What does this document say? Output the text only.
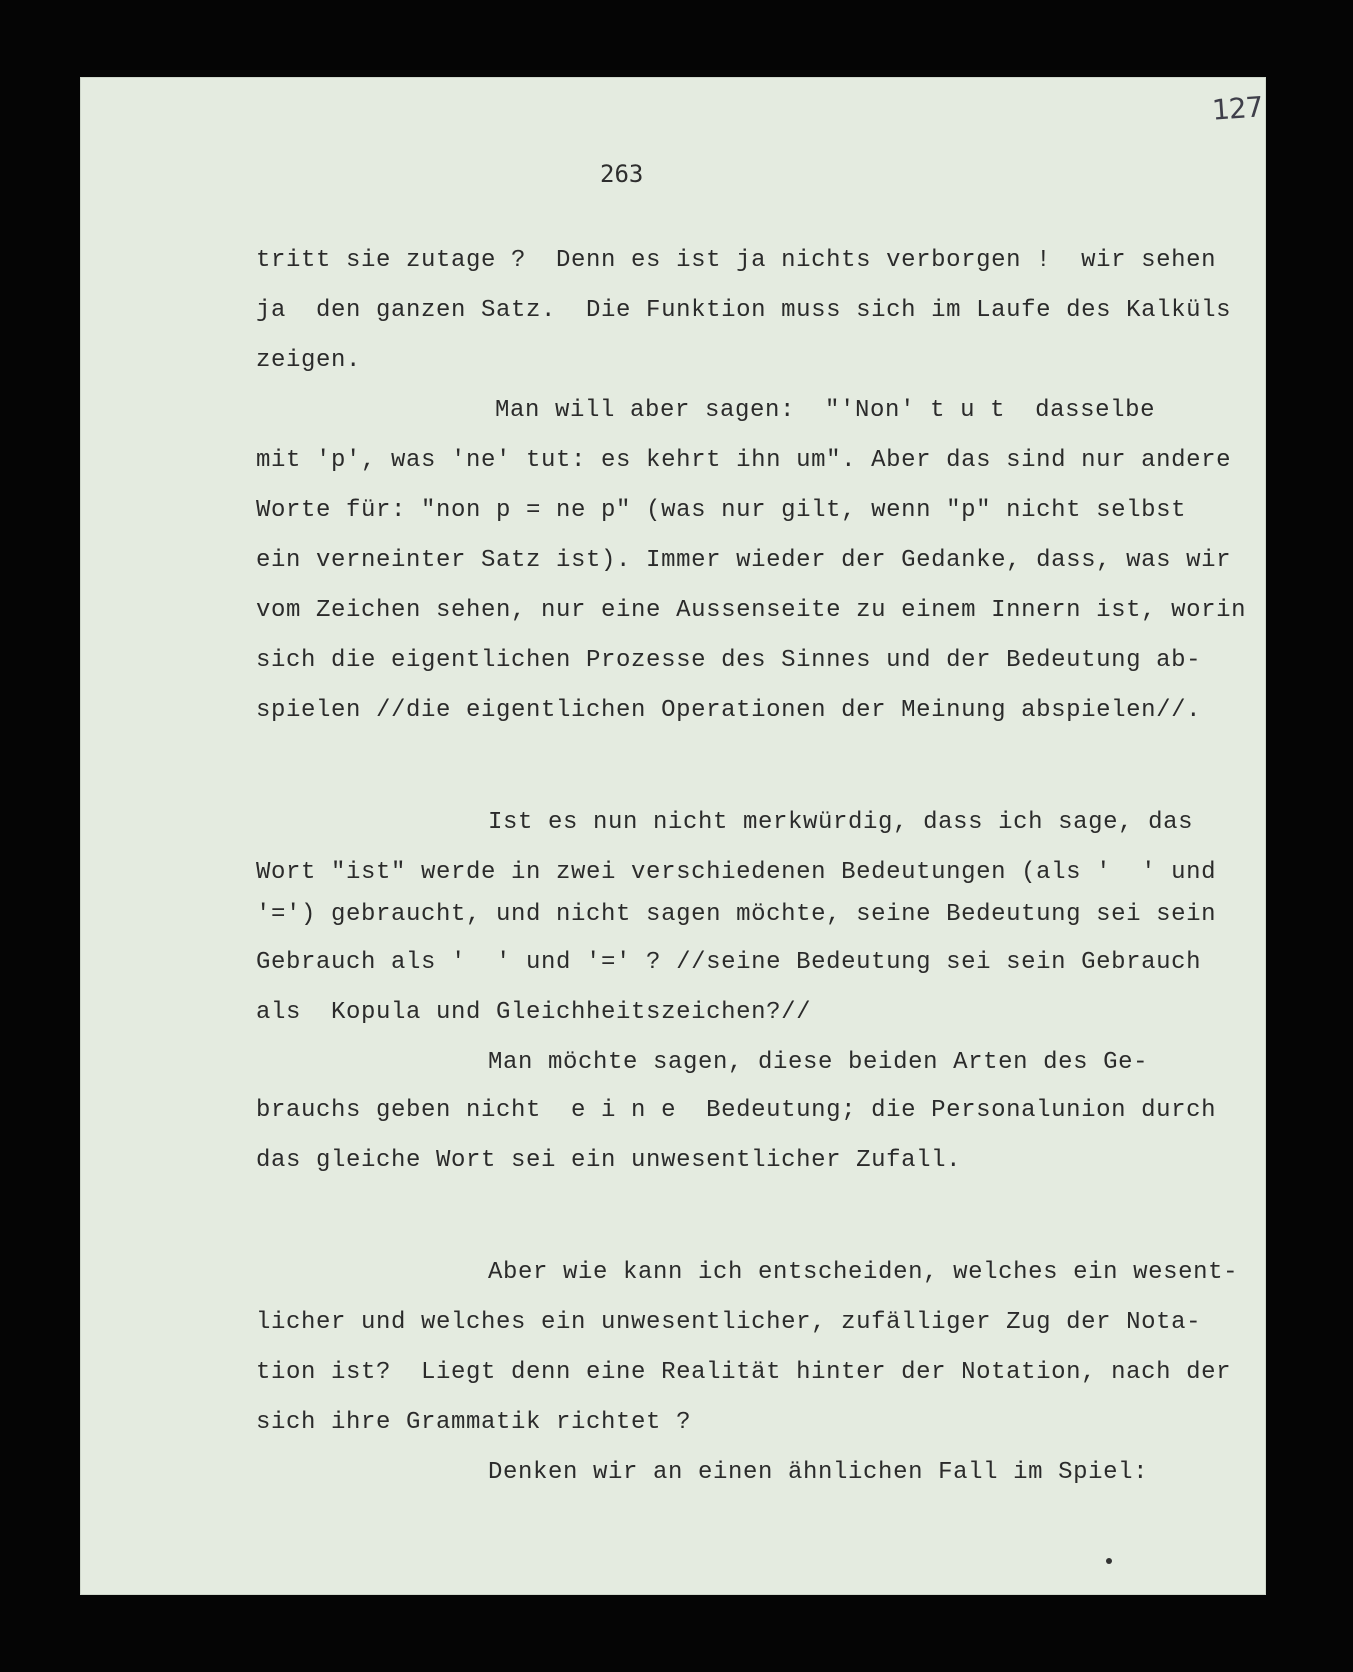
127
263
tritt sie zutage ?  Denn es ist ja nichts verborgen !  wir sehen
ja  den ganzen Satz.  Die Funktion muss sich im Laufe des Kalküls
zeigen.
Man will aber sagen:  "'Non' t u t  dasselbe
mit 'p', was 'ne' tut: es kehrt ihn um". Aber das sind nur andere
Worte für: "non p = ne p" (was nur gilt, wenn "p" nicht selbst
ein verneinter Satz ist). Immer wieder der Gedanke, dass, was wir
vom Zeichen sehen, nur eine Aussenseite zu einem Innern ist, worin
sich die eigentlichen Prozesse des Sinnes und der Bedeutung ab-
spielen //die eigentlichen Operationen der Meinung abspielen//.
Ist es nun nicht merkwürdig, dass ich sage, das
Wort "ist" werde in zwei verschiedenen Bedeutungen (als '  ' und
'=') gebraucht, und nicht sagen möchte, seine Bedeutung sei sein
Gebrauch als '  ' und '=' ? //seine Bedeutung sei sein Gebrauch
als  Kopula und Gleichheitszeichen?//
Man möchte sagen, diese beiden Arten des Ge-
brauchs geben nicht  e i n e  Bedeutung; die Personalunion durch
das gleiche Wort sei ein unwesentlicher Zufall.
Aber wie kann ich entscheiden, welches ein wesent-
licher und welches ein unwesentlicher, zufälliger Zug der Nota-
tion ist?  Liegt denn eine Realität hinter der Notation, nach der
sich ihre Grammatik richtet ?
Denken wir an einen ähnlichen Fall im Spiel:
